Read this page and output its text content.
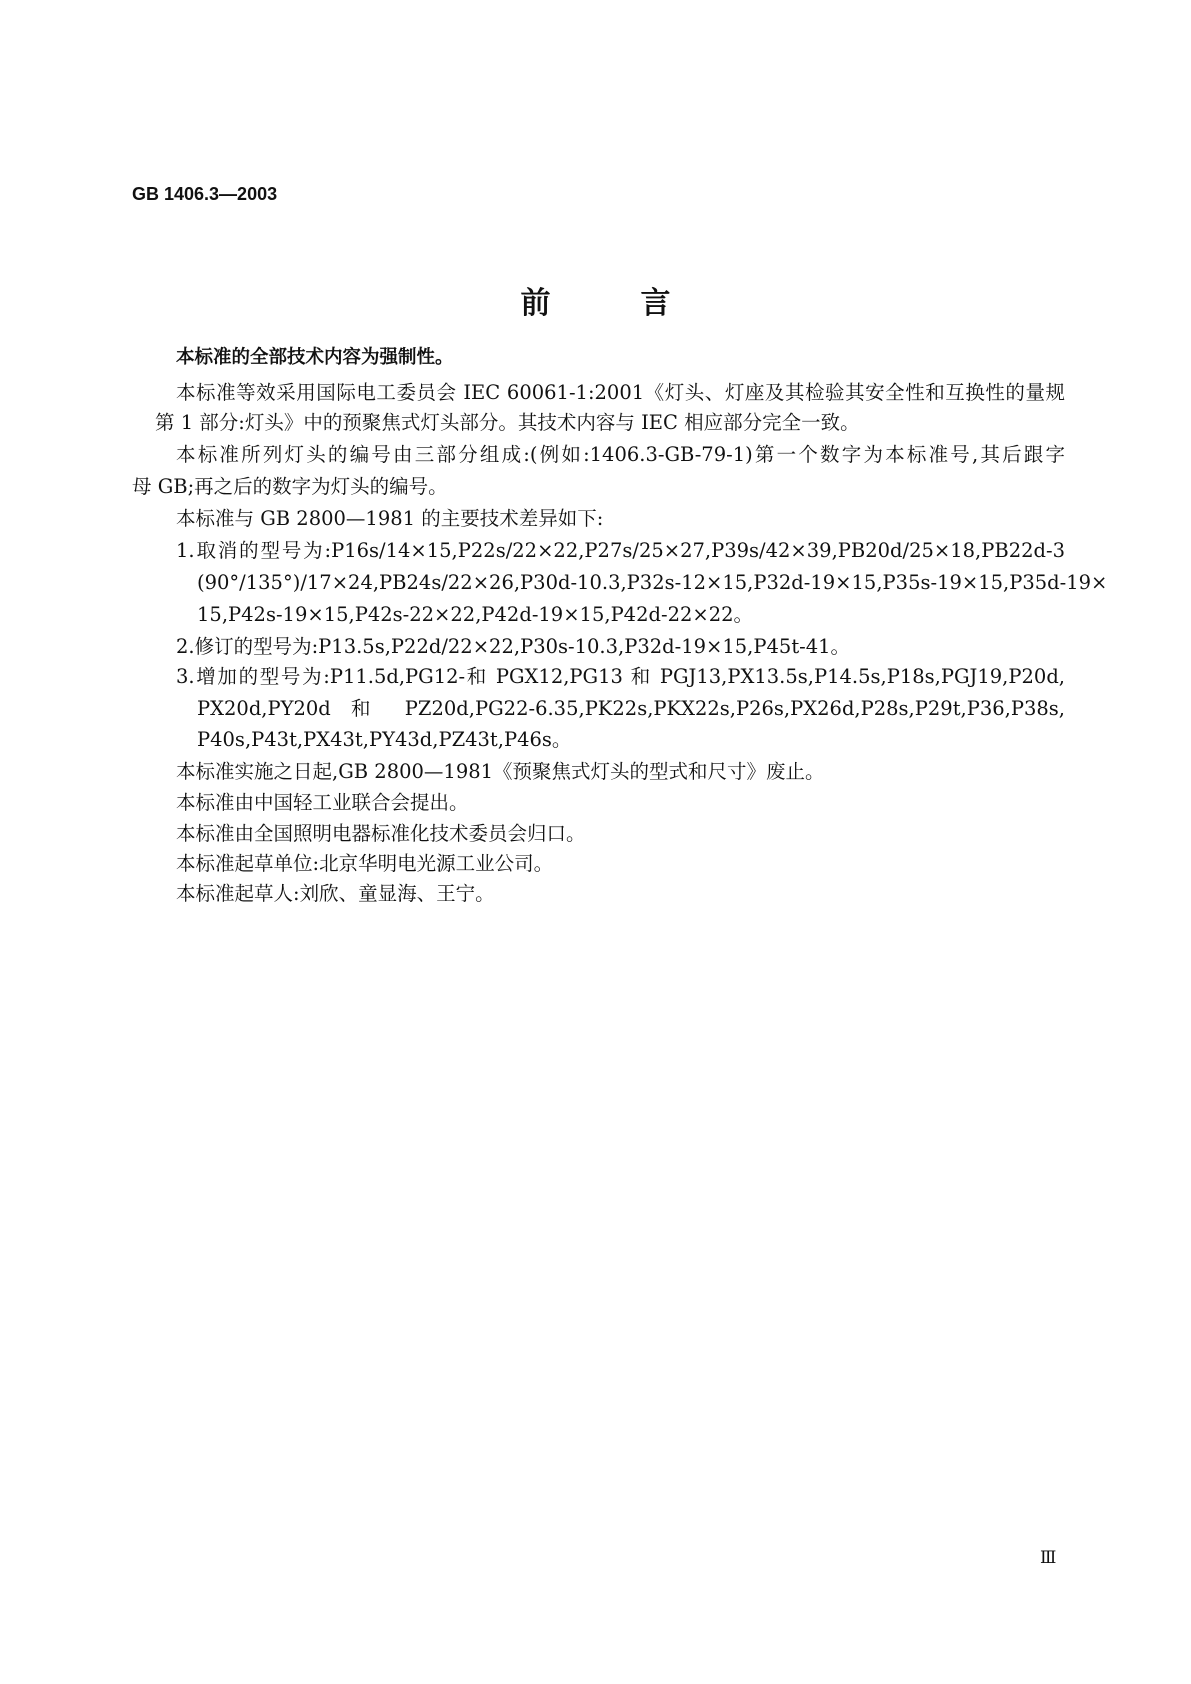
GB 1406.3—2003
前言
本标准的全部技术内容为强制性。
本标准等效采用国际电工委员会 IEC 60061-1:2001《灯头、灯座及其检验其安全性和互换性的量规
第 1 部分:灯头》中的预聚焦式灯头部分。其技术内容与 IEC 相应部分完全一致。
本标准所列灯头的编号由三部分组成:(例如:1406.3-GB-79-1)第一个数字为本标准号,其后跟字
母 GB;再之后的数字为灯头的编号。
本标准与 GB 2800—1981 的主要技术差异如下:
1.取消的型号为:P16s/14×15,P22s/22×22,P27s/25×27,P39s/42×39,PB20d/25×18,PB22d-3
(90°/135°)/17×24,PB24s/22×26,P30d-10.3,P32s-12×15,P32d-19×15,P35s-19×15,P35d-19×
15,P42s-19×15,P42s-22×22,P42d-19×15,P42d-22×22。
2.修订的型号为:P13.5s,P22d/22×22,P30s-10.3,P32d-19×15,P45t-41。
3.增加的型号为:P11.5d,PG12-和 PGX12,PG13 和 PGJ13,PX13.5s,P14.5s,P18s,PGJ19,P20d,
PX20d,PY20d 和 PZ20d,PG22-6.35,PK22s,PKX22s,P26s,PX26d,P28s,P29t,P36,P38s,
P40s,P43t,PX43t,PY43d,PZ43t,P46s。
本标准实施之日起,GB 2800—1981《预聚焦式灯头的型式和尺寸》废止。
本标准由中国轻工业联合会提出。
本标准由全国照明电器标准化技术委员会归口。
本标准起草单位:北京华明电光源工业公司。
本标准起草人:刘欣、童显海、王宁。
Ⅲ
